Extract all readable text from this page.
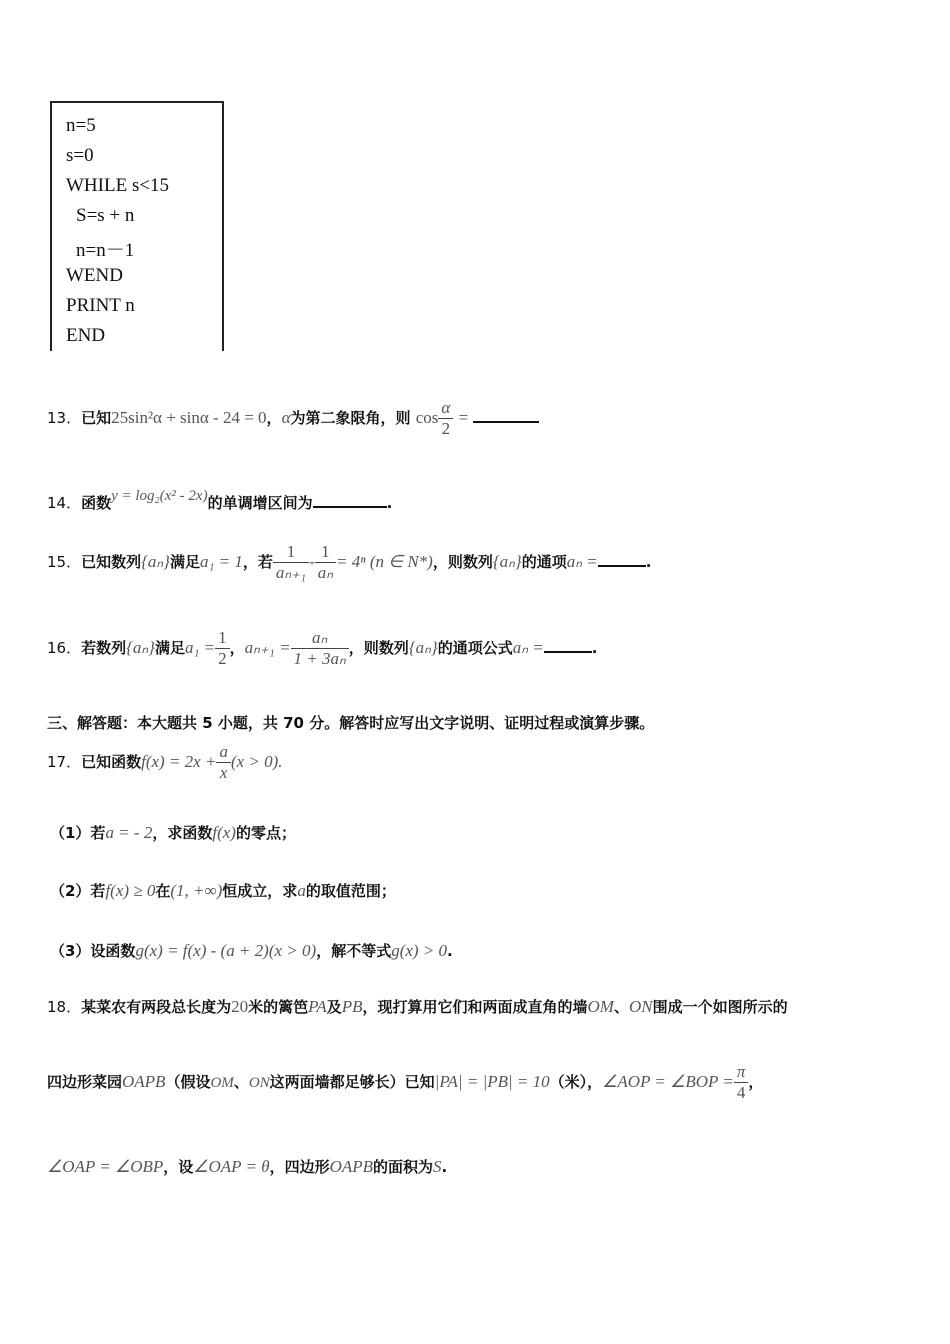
n=5
s=0
WHILE s<15
S=s + n
n=n－1
WEND
PRINT n
END
13．已知25sin²α + sinα - 24 = 0，α为第二象限角，则 $\cos \frac{\alpha}{2}$ =
14．函数y = log₂(x² - 2x)的单调增区间为	.
15．已知数列{aₙ}满足a₁ = 1，若 $\frac{1}{\text{aₙ₊₁}} - \frac{1}{\text{aₙ}} = 4^n$ (n ∈ N*)，则数列{aₙ}的通项aₙ =	.
16．若数列{aₙ}满足$a_1 = \frac{1}{2}$ ，$a_{n+1} = \frac{\text{aₙ}}{\text{1 + 3aₙ}}$ ，则数列{aₙ}的通项公式aₙ =	.
三、解答题：本大题共 5 小题，共 70 分。解答时应写出文字说明、证明过程或演算步骤。
17．已知函数$f(x) = 2x + \frac{a}{x} (x > 0)$.
（1）若a = - 2，求函数f(x)的零点；
（2）若f(x) ≥ 0在(1, +∞)恒成立，求a的取值范围；
（3）设函数g(x) = f(x) - (a + 2)(x > 0)，解不等式g(x) > 0.
18．某菜农有两段总长度为20米的篱笆PA及PB，现打算用它们和两面成直角的墙OM、ON围成一个如图所示的
四边形菜园OAPB（假设OM、ON这两面墙都足够长）已知|PA| = |PB| = 10（米），∠AOP = ∠BOP = $\frac{\pi}{4}$ ，
∠OAP = ∠OBP，设∠OAP = θ，四边形OAPB的面积为S.
